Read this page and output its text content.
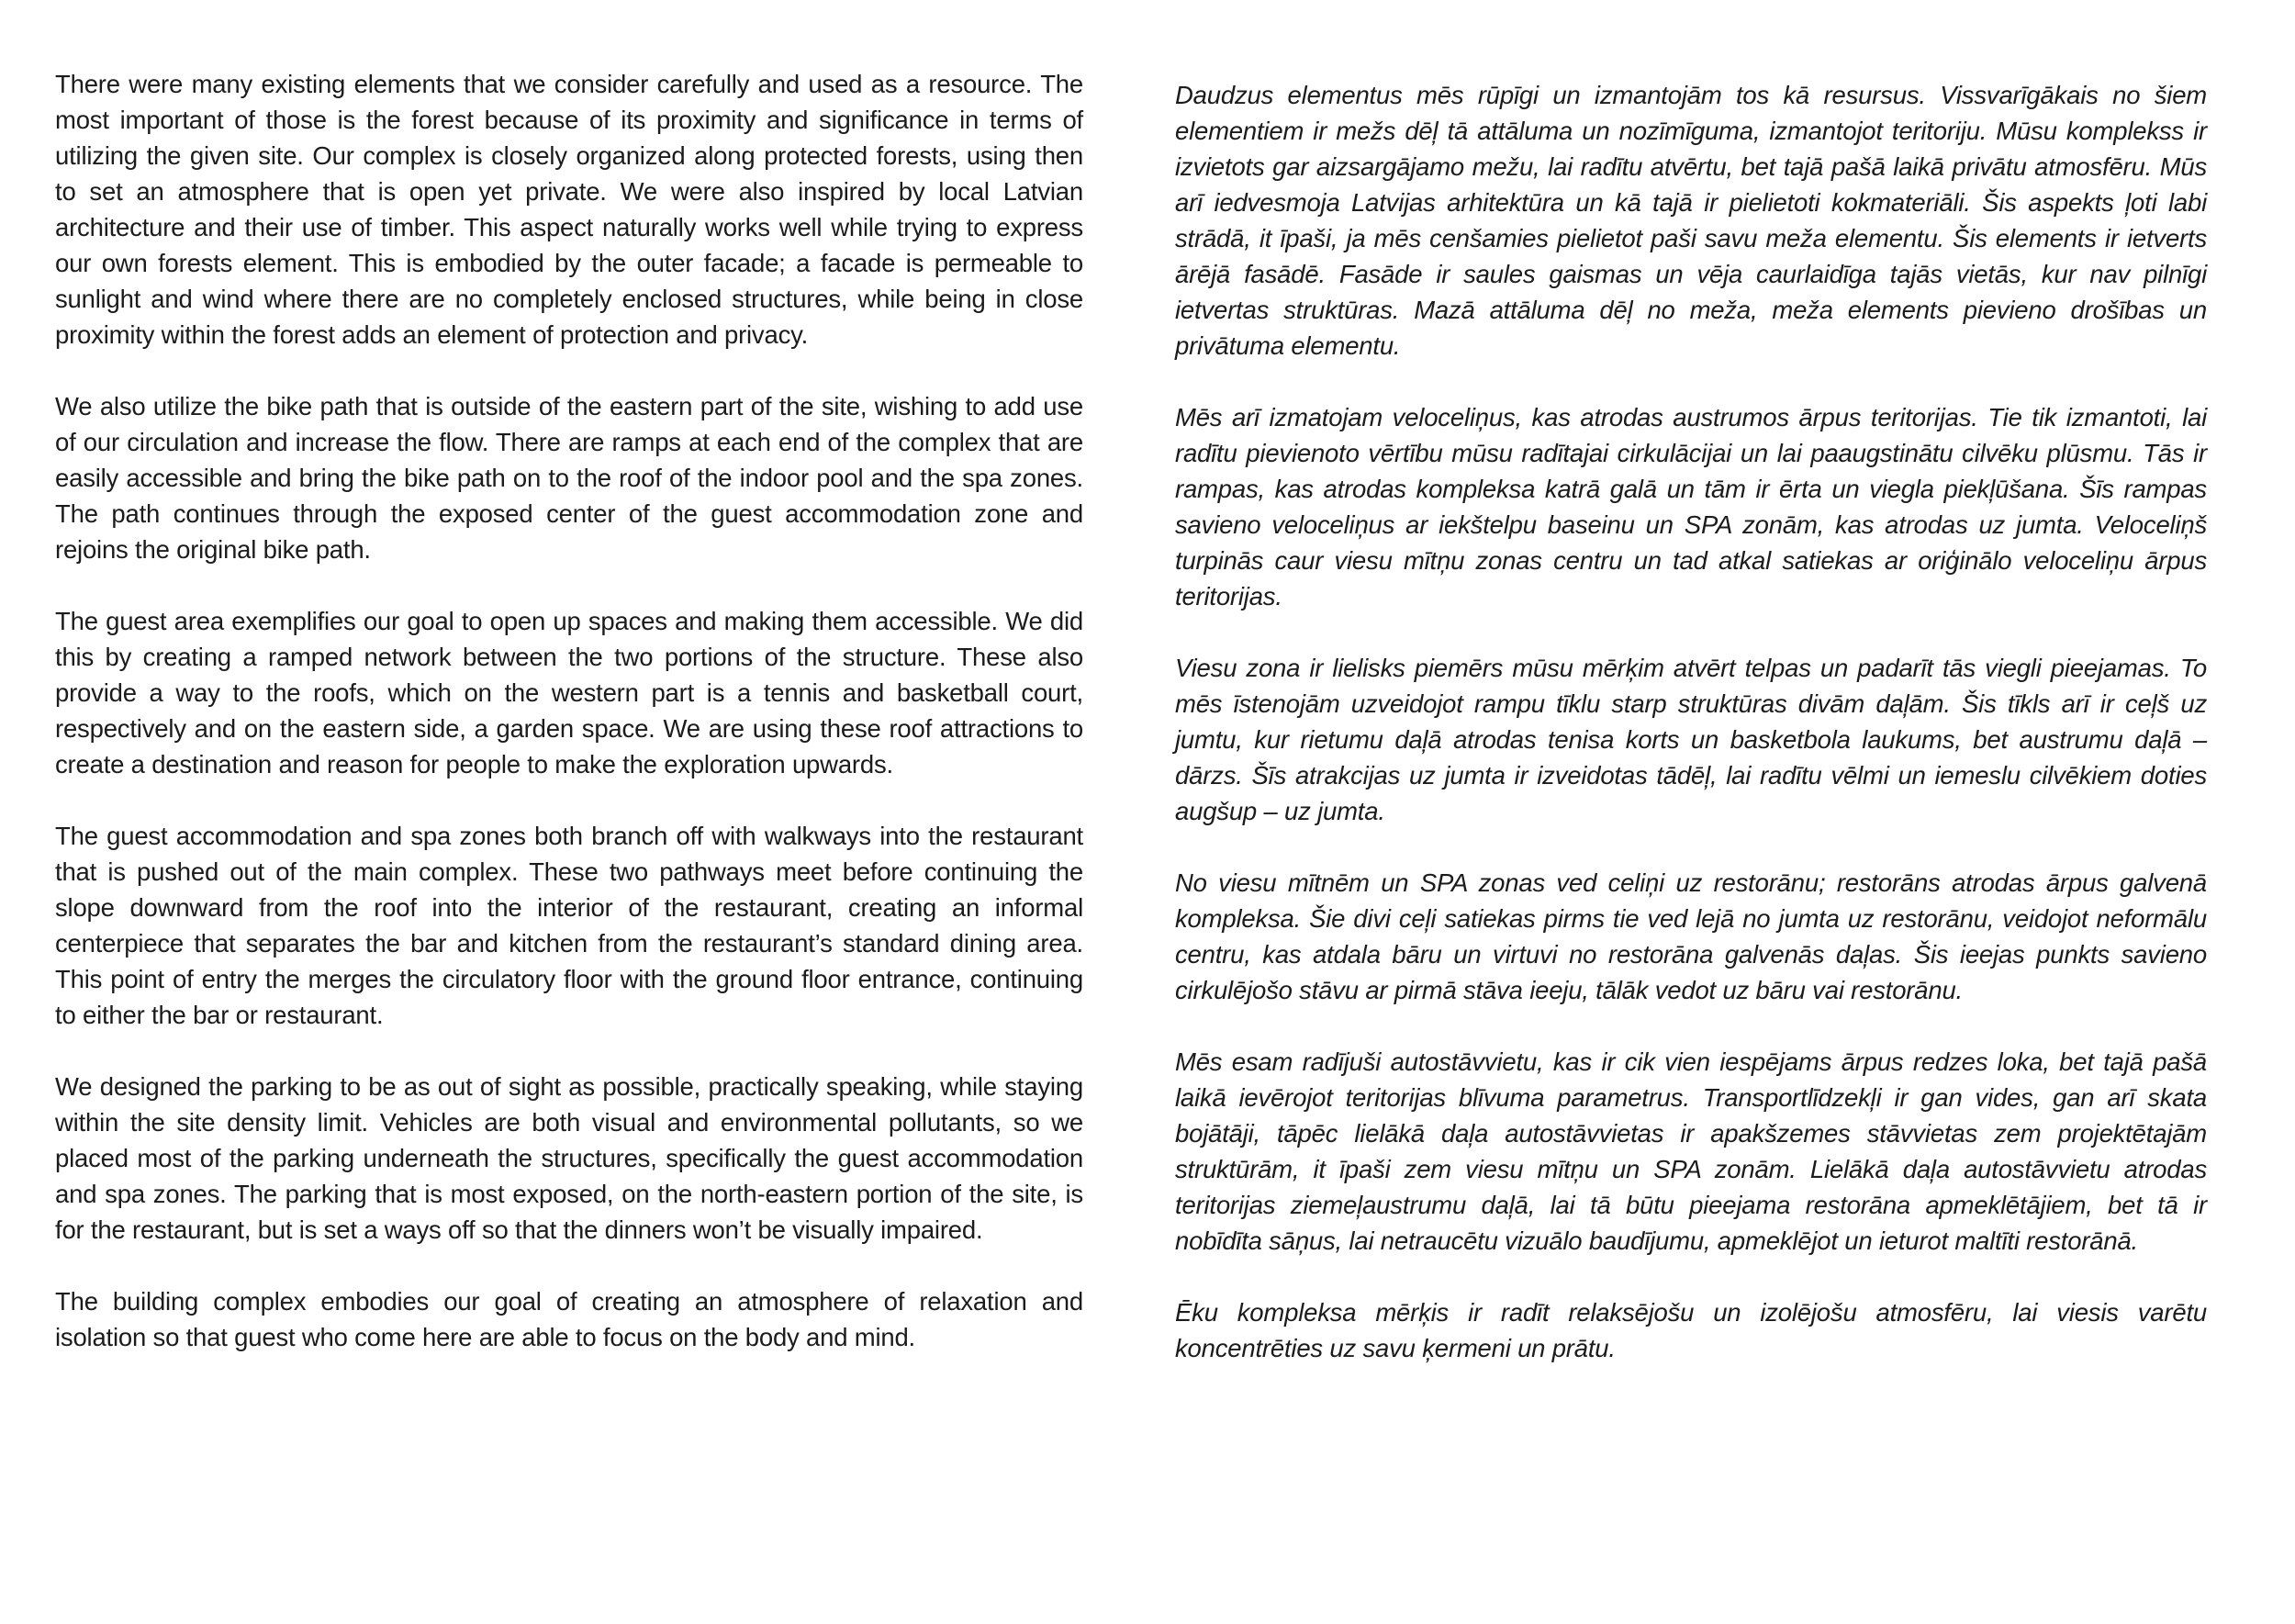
There were many existing elements that we consider carefully and used as a resource. The most important of those is the forest because of its proximity and significance in terms of utilizing the given site. Our complex is closely organized along protected forests, using then to set an atmosphere that is open yet private. We were also inspired by local Latvian architecture and their use of timber. This aspect naturally works well while trying to express our own forests element. This is embodied by the outer facade; a facade is permeable to sunlight and wind where there are no completely enclosed structures, while being in close proximity within the forest adds an element of protection and privacy.

We also utilize the bike path that is outside of the eastern part of the site, wishing to add use of our circulation and increase the flow. There are ramps at each end of the complex that are easily accessible and bring the bike path on to the roof of the indoor pool and the spa zones. The path continues through the exposed center of the guest accommodation zone and rejoins the original bike path.

The guest area exemplifies our goal to open up spaces and making them accessible. We did this by creating a ramped network between the two portions of the structure. These also provide a way to the roofs, which on the western part is a tennis and basketball court, respectively and on the eastern side, a garden space. We are using these roof attractions to create a destination and reason for people to make the exploration upwards.

The guest accommodation and spa zones both branch off with walkways into the restaurant that is pushed out of the main complex. These two pathways meet before continuing the slope downward from the roof into the interior of the restaurant, creating an informal centerpiece that separates the bar and kitchen from the restaurant’s standard dining area. This point of entry the merges the circulatory floor with the ground floor entrance, continuing to either the bar or restaurant.

We designed the parking to be as out of sight as possible, practically speaking, while staying within the site density limit. Vehicles are both visual and environmental pollutants, so we placed most of the parking underneath the structures, specifically the guest accommodation and spa zones. The parking that is most exposed, on the north-eastern portion of the site, is for the restaurant, but is set a ways off so that the dinners won’t be visually impaired.

The building complex embodies our goal of creating an atmosphere of relaxation and isolation so that guest who come here are able to focus on the body and mind.

Daudzus elementus mēs rūpīgi un izmantojām tos kā resursus. Vissvarīgākais no šiem elementiem ir mežs dēļ tā attāluma un nozīmīguma, izmantojot teritoriju. Mūsu komplekss ir izvietots gar aizsargājamo mežu, lai radītu atvērtu, bet tajā pašā laikā privātu atmosfēru. Mūs arī iedvesmoja Latvijas arhitektūra un kā tajā ir pielietoti kokmateriāli. Šis aspekts ļoti labi strādā, it īpaši, ja mēs cenšamies pielietot paši savu meža elementu. Šis elements ir ietverts ārējā fasādē. Fasāde ir saules gaismas un vēja caurlaidīga tajās vietās, kur nav pilnīgi ietvertas struktūras. Mazā attāluma dēļ no meža, meža elements pievieno drošības un privātuma elementu.

Mēs arī izmatojam veloceliņus, kas atrodas austrumos ārpus teritorijas. Tie tik izmantoti, lai radītu pievienoto vērtību mūsu radītajai cirkulācijai un lai paaugstinātu cilvēku plūsmu. Tās ir rampas, kas atrodas kompleksa katrā galā un tām ir ērta un viegla piekļūšana. Šīs rampas savieno veloceliņus ar iekštelpu baseinu un SPA zonām, kas atrodas uz jumta. Veloceliņš turpinās caur viesu mītņu zonas centru un tad atkal satiekas ar oriģinālo veloceliņu ārpus teritorijas.

Viesu zona ir lielisks piemērs mūsu mērķim atvērt telpas un padarīt tās viegli pieejamas. To mēs īstenojām uzveidojot rampu tīklu starp struktūras divām daļām. Šis tīkls arī ir ceļš uz jumtu, kur rietumu daļā atrodas tenisa korts un basketbola laukums, bet austrumu daļā – dārzs. Šīs atrakcijas uz jumta ir izveidotas tādēļ, lai radītu vēlmi un iemeslu cilvēkiem doties augšup – uz jumta.

No viesu mītnēm un SPA zonas ved celiņi uz restorānu; restorāns atrodas ārpus galvenā kompleksa. Šie divi ceļi satiekas pirms tie ved lejā no jumta uz restorānu, veidojot neformālu centru, kas atdala bāru un virtuvi no restorāna galvenās daļas. Šis ieejas punkts savieno cirkulējošo stāvu ar pirmā stāva ieeju, tālāk vedot uz bāru vai restorānu.

Mēs esam radījuši autostāvvietu, kas ir cik vien iespējams ārpus redzes loka, bet tajā pašā laikā ievērojot teritorijas blīvuma parametrus. Transportlīdzekļi ir gan vides, gan arī skata bojātāji, tāpēc lielākā daļa autostāvvietas ir apakšzemes stāvvietas zem projektētajām struktūrām, it īpaši zem viesu mītņu un SPA zonām. Lielākā daļa autostāvvietu atrodas teritorijas ziemeļaustrumu daļā, lai tā būtu pieejama restorāna apmeklētājiem, bet tā ir nobīdīta sāņus, lai netraucētu vizuālo baudījumu, apmeklējot un ieturot maltīti restorānā.

Ēku kompleksa mērķis ir radīt relaksējošu un izolējošu atmosfēru, lai viesis varētu koncentrēties uz savu ķermeni un prātu.
